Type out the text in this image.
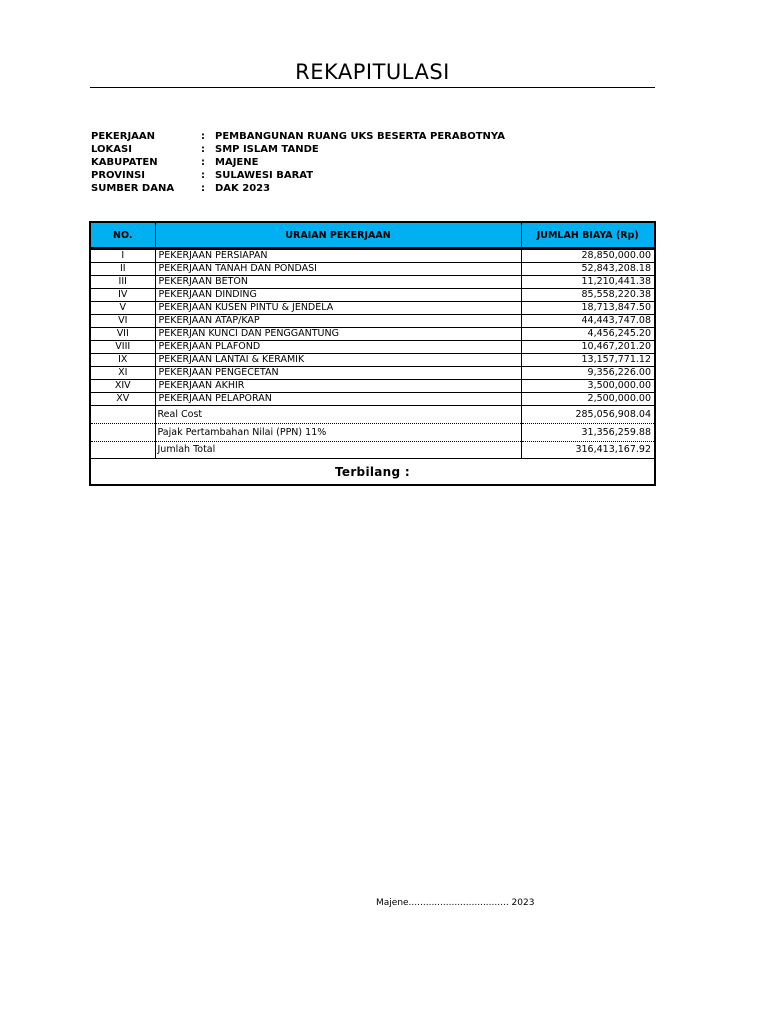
REKAPITULASI
PEKERJAAN	: PEMBANGUNAN RUANG UKS BESERTA PERABOTNYA
LOKASI	: SMP ISLAM TANDE
KABUPATEN	: MAJENE
PROVINSI	: SULAWESI BARAT
SUMBER DANA	: DAK 2023
NO.	URAIAN PEKERJAAN	JUMLAH BIAYA (Rp)
I	PEKERJAAN PERSIAPAN	28,850,000.00
II	PEKERJAAN TANAH DAN PONDASI	52,843,208.18
III	PEKERJAAN BETON	11,210,441.38
IV	PEKERJAAN DINDING	85,558,220.38
V	PEKERJAAN KUSEN PINTU & JENDELA	18,713,847.50
VI	PEKERJAAN ATAP/KAP	44,443,747.08
VII	PEKERJAN KUNCI DAN PENGGANTUNG	4,456,245.20
VIII	PEKERJAAN PLAFOND	10,467,201.20
IX	PEKERJAAN LANTAI & KERAMIK	13,157,771.12
XI	PEKERJAAN PENGECETAN	9,356,226.00
XIV	PEKERJAAN AKHIR	3,500,000.00
XV	PEKERJAAN PELAPORAN	2,500,000.00
	Real Cost	285,056,908.04
	Pajak Pertambahan Nilai (PPN) 11%	31,356,259.88
	Jumlah Total	316,413,167.92
Terbilang :		
Majene................................... 2023
